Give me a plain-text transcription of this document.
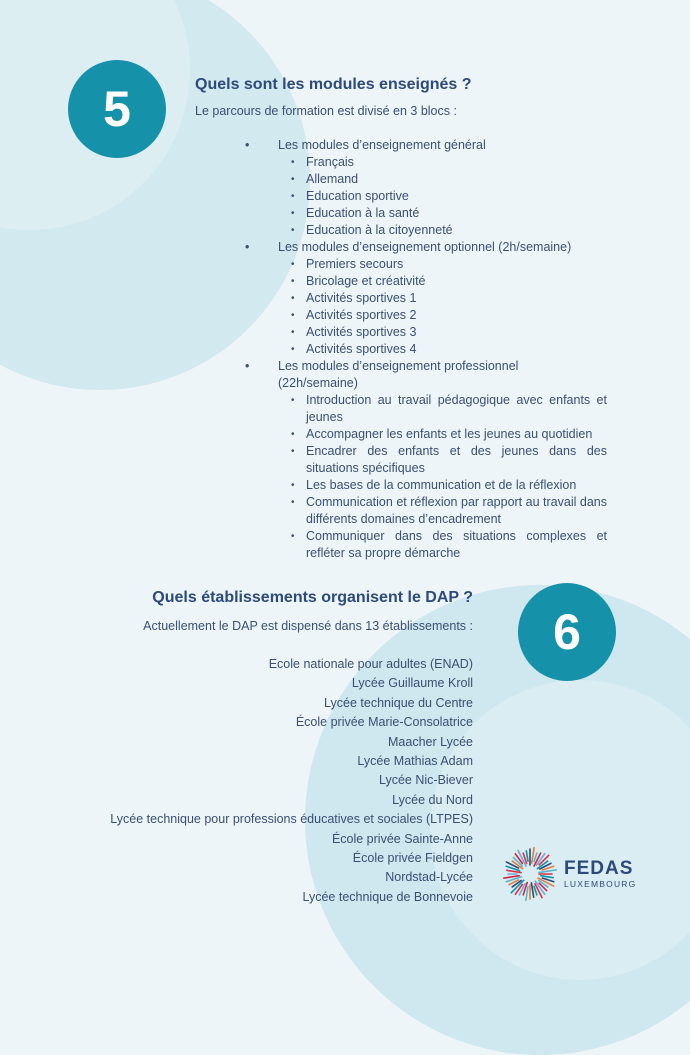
5	Quels sont les modules enseignés ?

Le parcours de formation est divisé en 3 blocs :

• Les modules d’enseignement général
• Français
• Allemand
• Education sportive
• Education à la santé
• Education à la citoyenneté
• Les modules d’enseignement optionnel (2h/semaine)
• Premiers secours
• Bricolage et créativité
• Activités sportives 1
• Activités sportives 2
• Activités sportives 3
• Activités sportives 4
• Les modules d’enseignement professionnel (22h/semaine)
• Introduction au travail pédagogique avec enfants et jeunes
• Accompagner les enfants et les jeunes au quotidien
• Encadrer des enfants et des jeunes dans des situations spécifiques
• Les bases de la communication et de la réflexion
• Communication et réflexion par rapport au travail dans différents domaines d’encadrement
• Communiquer dans des situations complexes et refléter sa propre démarche
6
Quels établissements organisent le DAP ?

Actuellement le DAP est dispensé dans 13 établissements :

Ecole nationale pour adultes (ENAD)
Lycée Guillaume Kroll
Lycée technique du Centre
École privée Marie-Consolatrice
Maacher Lycée
Lycée Mathias Adam
Lycée Nic-Biever
Lycée du Nord
Lycée technique pour professions éducatives et sociales (LTPES)
École privée Sainte-Anne
École privée Fieldgen
Nordstad-Lycée
Lycée technique de Bonnevoie
FEDAS
LUXEMBOURG
